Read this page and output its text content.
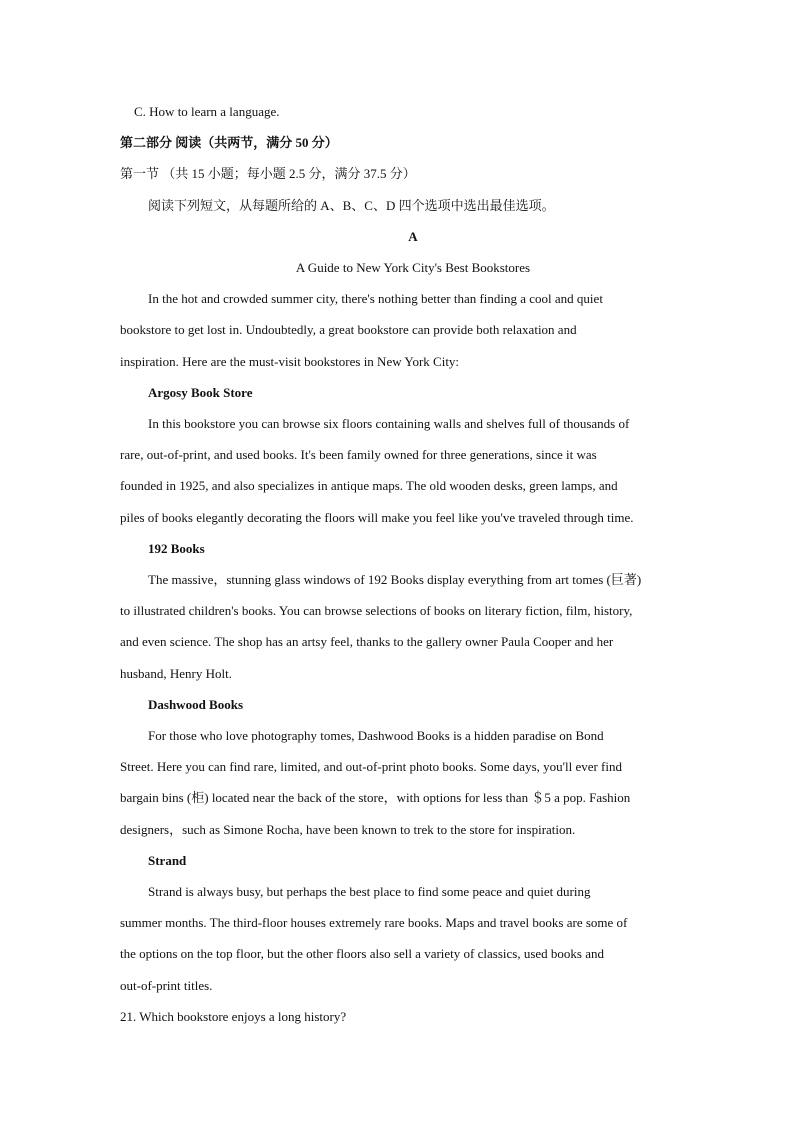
C. How to learn a language.
第二部分 阅读（共两节，满分 50 分）
第一节 （共 15 小题；每小题 2.5 分，满分 37.5 分）
阅读下列短文，从每题所给的 A、B、C、D 四个选项中选出最佳选项。
A
A Guide to New York City's Best Bookstores
In the hot and crowded summer city, there's nothing better than finding a cool and quiet
bookstore to get lost in. Undoubtedly, a great bookstore can provide both relaxation and
inspiration. Here are the must-visit bookstores in New York City:
Argosy Book Store
In this bookstore you can browse six floors containing walls and shelves full of thousands of
rare, out-of-print, and used books. It's been family owned for three generations, since it was
founded in 1925, and also specializes in antique maps. The old wooden desks, green lamps, and
piles of books elegantly decorating the floors will make you feel like you've traveled through time.
192 Books
The massive，stunning glass windows of 192 Books display everything from art tomes (巨著)
to illustrated children's books. You can browse selections of books on literary fiction, film, history,
and even science. The shop has an artsy feel, thanks to the gallery owner Paula Cooper and her
husband, Henry Holt.
Dashwood Books
For those who love photography tomes, Dashwood Books is a hidden paradise on Bond
Street. Here you can find rare, limited, and out-of-print photo books. Some days, you'll ever find
bargain bins (柜) located near the back of the store，with options for less than ＄5 a pop. Fashion
designers，such as Simone Rocha, have been known to trek to the store for inspiration.
Strand
Strand is always busy, but perhaps the best place to find some peace and quiet during
summer months. The third-floor houses extremely rare books. Maps and travel books are some of
the options on the top floor, but the other floors also sell a variety of classics, used books and
out-of-print titles.
21. Which bookstore enjoys a long history?
